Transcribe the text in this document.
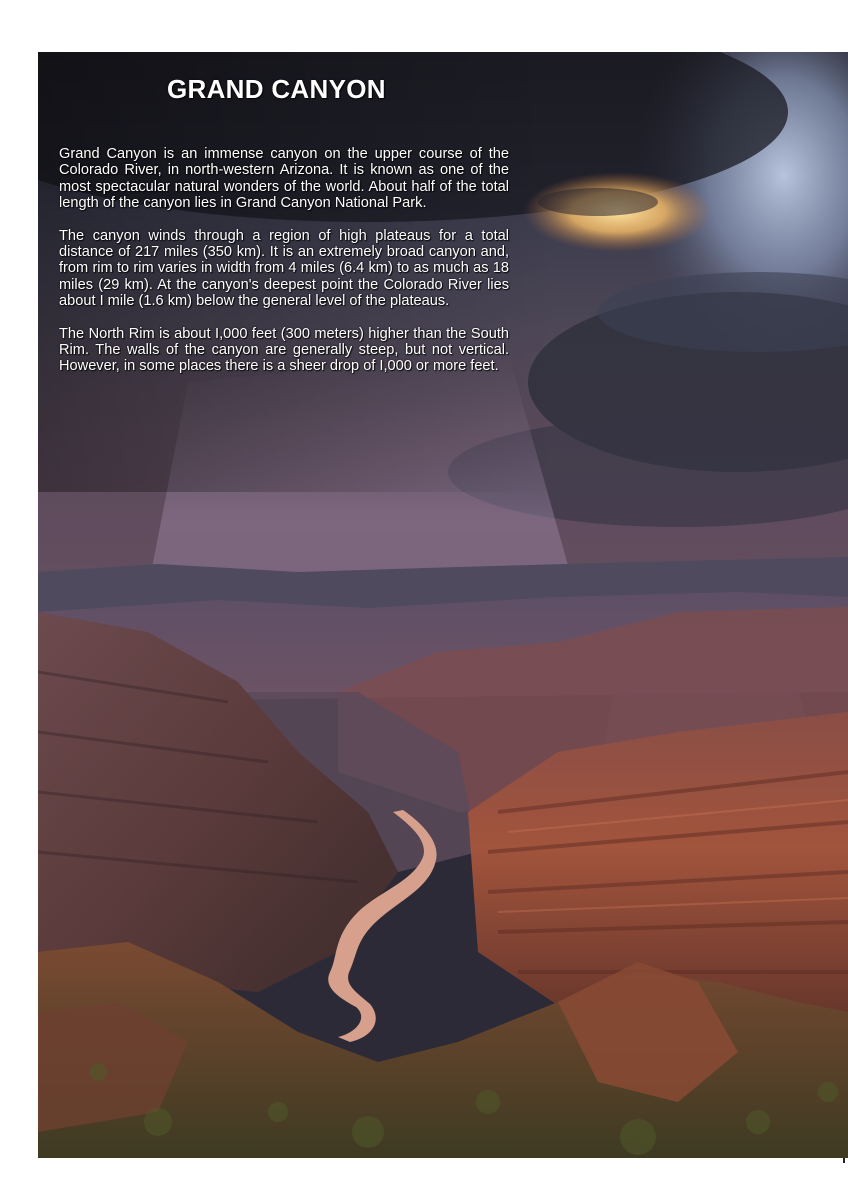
GRAND CANYON

Grand Canyon is an immense canyon on the upper course of the Colorado River, in north-western Arizona. It is known as one of the most spectacular natural wonders of the world. About half of the total length of the canyon lies in Grand Canyon National Park.

The canyon winds through a region of high plateaus for a total distance of 217 miles (350 km). It is an extremely broad canyon and, from rim to rim varies in width from 4 miles (6.4 km) to as much as 18 miles (29 km). At the canyon's deepest point the Colorado River lies about I mile (1.6 km) below the general level of the plateaus.

The North Rim is about I,000 feet (300 meters) higher than the South Rim. The walls of the canyon are generally steep, but not vertical. However, in some places there is a sheer drop of I,000 or more feet.
